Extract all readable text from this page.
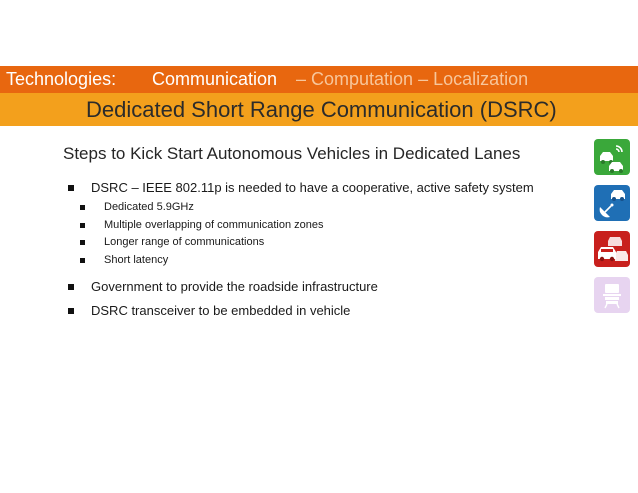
Technologies: Communication – Computation – Localization
Dedicated Short Range Communication (DSRC)
Steps to Kick Start Autonomous Vehicles in Dedicated Lanes
DSRC – IEEE 802.11p is needed to have a cooperative, active safety system
Dedicated 5.9GHz
Multiple overlapping of communication zones
Longer range of communications
Short latency
Government to provide the roadside infrastructure
DSRC transceiver to be embedded in vehicle
